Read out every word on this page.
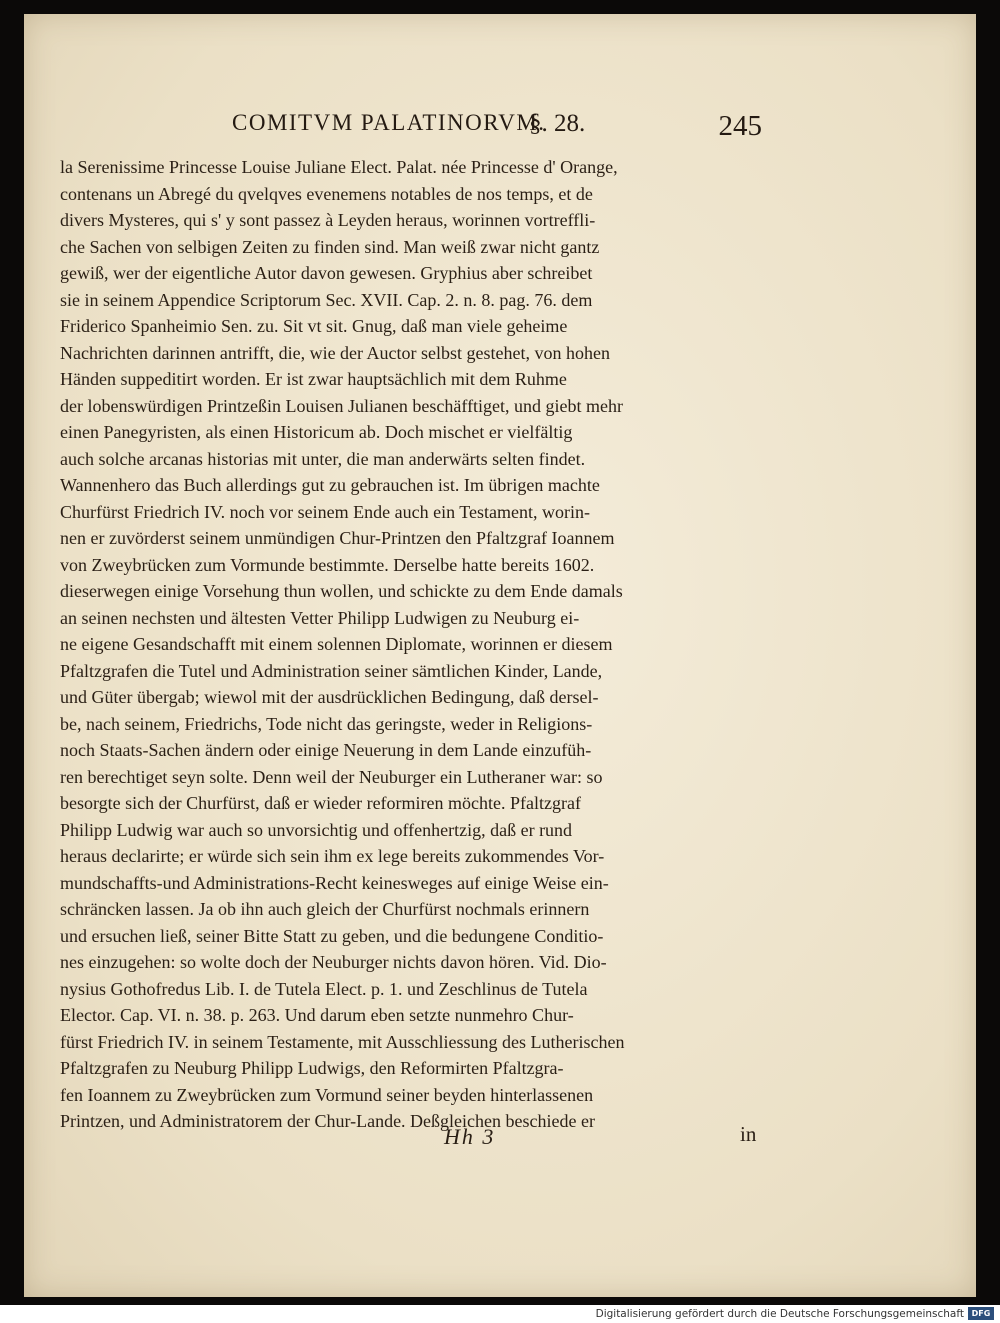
COMITVM PALATINORVM.
§. 28.	245
la Serenissime Princesse Louise Juliane Elect. Palat. née Princesse d' Orange,
contenans un Abregé du qvelqves evenemens notables de nos temps, et de
divers Mysteres, qui s' y sont passez à Leyden heraus, worinnen vortreffli-
che Sachen von selbigen Zeiten zu finden sind. Man weiß zwar nicht gantz
gewiß, wer der eigentliche Autor davon gewesen. Gryphius aber schreibet
sie in seinem Appendice Scriptorum Sec. XVII. Cap. 2. n. 8. pag. 76. dem
Friderico Spanheimio Sen. zu. Sit vt sit. Gnug, daß man viele geheime
Nachrichten darinnen antrifft, die, wie der Auctor selbst gestehet, von hohen
Händen suppeditirt worden. Er ist zwar hauptsächlich mit dem Ruhme
der lobenswürdigen Printzeßin Louisen Julianen beschäfftiget, und giebt mehr
einen Panegyristen, als einen Historicum ab. Doch mischet er vielfältig
auch solche arcanas historias mit unter, die man anderwärts selten findet.
Wannenhero das Buch allerdings gut zu gebrauchen ist. Im übrigen machte
Churfürst Friedrich IV. noch vor seinem Ende auch ein Testament, worin-
nen er zuvörderst seinem unmündigen Chur-Printzen den Pfaltzgraf Ioannem
von Zweybrücken zum Vormunde bestimmte. Derselbe hatte bereits 1602.
dieserwegen einige Vorsehung thun wollen, und schickte zu dem Ende damals
an seinen nechsten und ältesten Vetter Philipp Ludwigen zu Neuburg ei-
ne eigene Gesandschafft mit einem solennen Diplomate, worinnen er diesem
Pfaltzgrafen die Tutel und Administration seiner sämtlichen Kinder, Lande,
und Güter übergab; wiewol mit der ausdrücklichen Bedingung, daß dersel-
be, nach seinem, Friedrichs, Tode nicht das geringste, weder in Religions-
noch Staats-Sachen ändern oder einige Neuerung in dem Lande einzufüh-
ren berechtiget seyn solte. Denn weil der Neuburger ein Lutheraner war: so
besorgte sich der Churfürst, daß er wieder reformiren möchte. Pfaltzgraf
Philipp Ludwig war auch so unvorsichtig und offenhertzig, daß er rund
heraus declarirte; er würde sich sein ihm ex lege bereits zukommendes Vor-
mundschaffts-und Administrations-Recht keinesweges auf einige Weise ein-
schräncken lassen. Ja ob ihn auch gleich der Churfürst nochmals erinnern
und ersuchen ließ, seiner Bitte Statt zu geben, und die bedungene Conditio-
nes einzugehen: so wolte doch der Neuburger nichts davon hören. Vid. Dio-
nysius Gothofredus Lib. I. de Tutela Elect. p. 1. und Zeschlinus de Tutela
Elector. Cap. VI. n. 38. p. 263. Und darum eben setzte nunmehro Chur-
fürst Friedrich IV. in seinem Testamente, mit Ausschliessung des Lutherischen
Pfaltzgrafen zu Neuburg Philipp Ludwigs, den Reformirten Pfaltzgra-
fen Ioannem zu Zweybrücken zum Vormund seiner beyden hinterlassenen
Printzen, und Administratorem der Chur-Lande. Deßgleichen beschiede er
Hh 3	in
Digitalisierung gefördert durch die Deutsche Forschungsgemeinschaft DFG
